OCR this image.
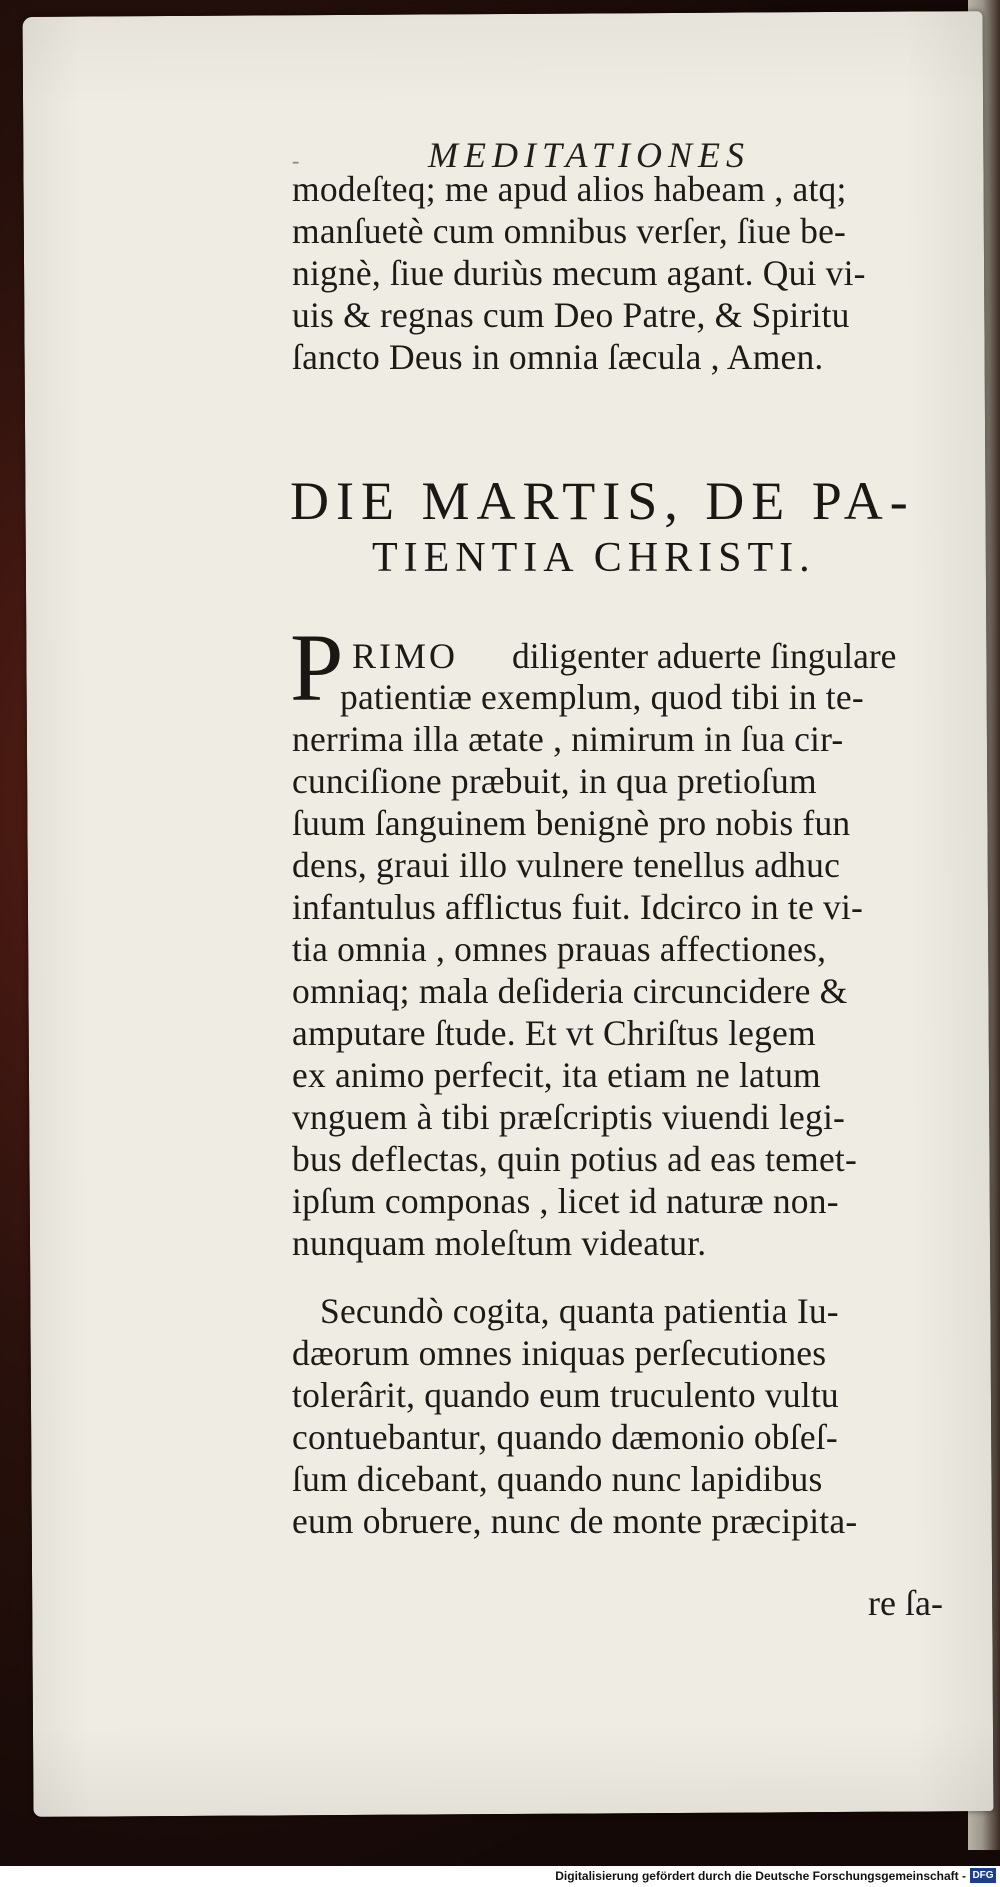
-	MEDITATIONES
modeſteq; me apud alios habeam , atq;
manſuetè cum omnibus verſer, ſiue be-
nignè, ſiue duriùs mecum agant. Qui vi-
uis & regnas cum Deo Patre, & Spiritu
ſancto Deus in omnia ſæcula , Amen.
DIE MARTIS, DE PA-
TIENTIA CHRISTI.
P RIMO diligenter aduerte ſingulare
patientiæ exemplum, quod tibi in te-
nerrima illa ætate , nimirum in ſua cir-
cunciſione præbuit, in qua pretioſum
ſuum ſanguinem benignè pro nobis fun
dens, graui illo vulnere tenellus adhuc
infantulus afflictus fuit. Idcirco in te vi-
tia omnia , omnes prauas affectiones,
omniaq; mala deſideria circuncidere &
amputare ſtude. Et vt Chriſtus legem
ex animo perfecit, ita etiam ne latum
vnguem à tibi præſcriptis viuendi legi-
bus deflectas, quin potius ad eas temet-
ipſum componas , licet id naturæ non-
nunquam moleſtum videatur.
Secundò cogita, quanta patientia Iu-
dæorum omnes iniquas perſecutiones
tolerârit, quando eum truculento vultu
contuebantur, quando dæmonio obſeſ-
ſum dicebant, quando nunc lapidibus
eum obruere, nunc de monte præcipita-
re ſa-
Digitalisierung gefördert durch die Deutsche Forschungsgemeinschaft - DFG
